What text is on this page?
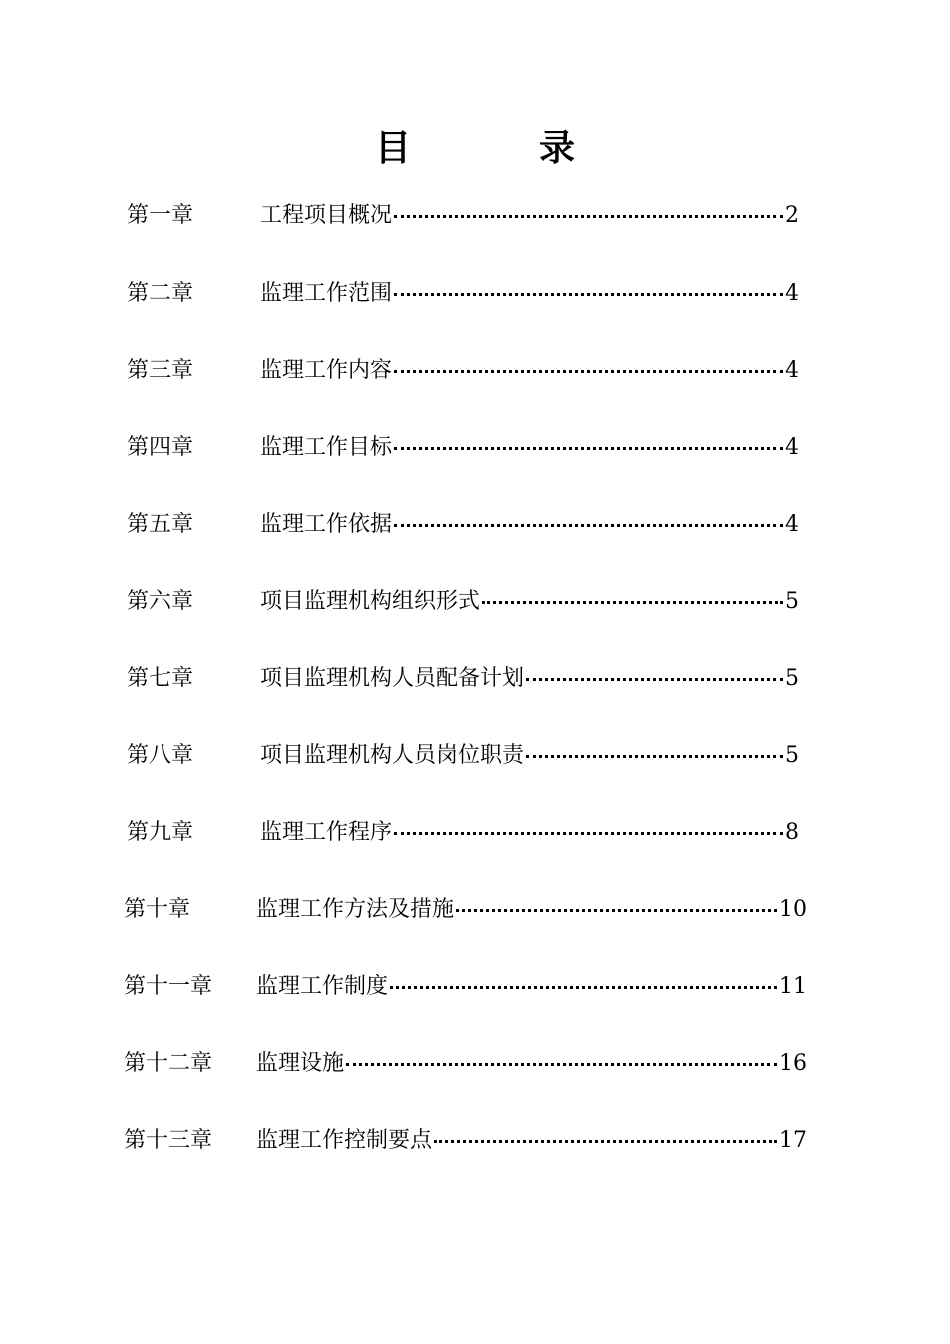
目　录
第一章	工程项目概况	2
第二章	监理工作范围	4
第三章	监理工作内容	4
第四章	监理工作目标	4
第五章	监理工作依据	4
第六章	项目监理机构组织形式	5
第七章	项目监理机构人员配备计划	5
第八章	项目监理机构人员岗位职责	5
第九章	监理工作程序	8
第十章	监理工作方法及措施	10
第十一章	监理工作制度	11
第十二章	监理设施	16
第十三章	监理工作控制要点	17
